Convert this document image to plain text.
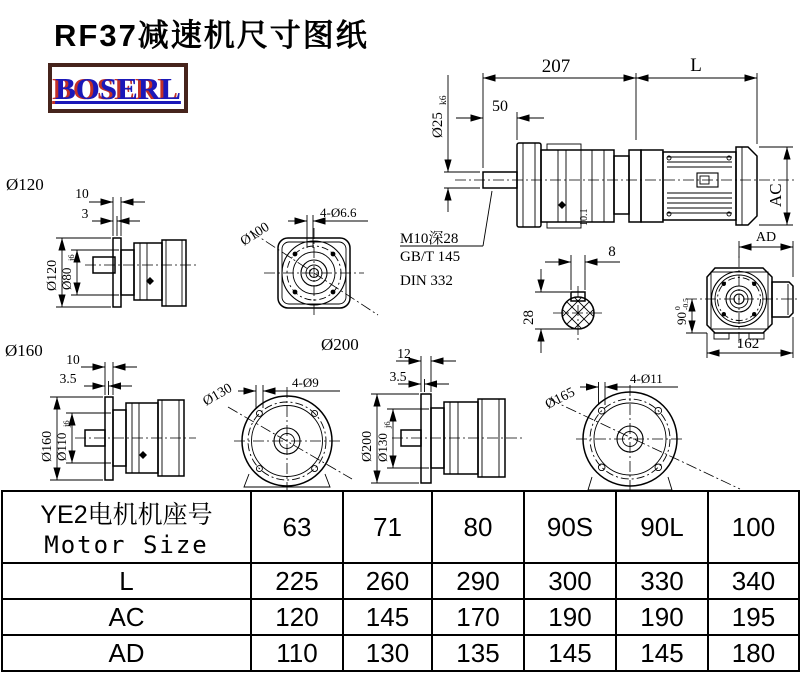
RF37减速机尺寸图纸
BOSERL
10.1
207	L
50
Ø25
k6
AC
AD
M10深28
GB/T 145
DIN 332
8
28	90
0 -0.5
162
Ø120 10
3
Ø120 Ø80
j6
Ø100
4-Ø6.6
Ø160 10
3.5
Ø160 Ø110
j6
Ø130	4-Ø9
Ø200	12
3.5
Ø200 Ø130
j6
Ø165
4-Ø11
YE2电机机座号
Motor Size	63	71	80	90S	90L	100
L	225	260	290	300	330	340
AC	120	145	170	190	190	195
AD	110	130	135	145	145	180
